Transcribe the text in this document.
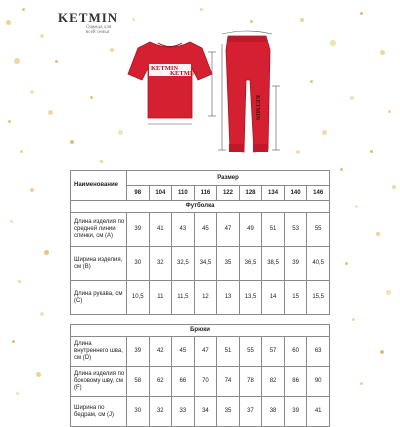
KETMIN
Одежда для
всей семьи
KETMIN
KETMIN
KETMIN
Наименование	Размер								
	98	104	110	116	122	128	134	140	146
Футболка									
Длина изделия по средней линии спинки, см (А)	39	41	43	45	47	49	51	53	55
Ширина изделия, см (В)	30	32	32,5	34,5	35	36,5	38,5	39	40,5
Длина рукава, см (С)	10,5	11	11,5	12	13	13,5	14	15	15,5

Брюки									
Длина внутреннего шва, см (D)	39	42	45	47	51	55	57	60	63
Длина изделия по боковому шву, см (F)	58	62	66	70	74	78	82	86	90
Ширина по бедрам, см (J)	30	32	33	34	35	37	38	39	41
